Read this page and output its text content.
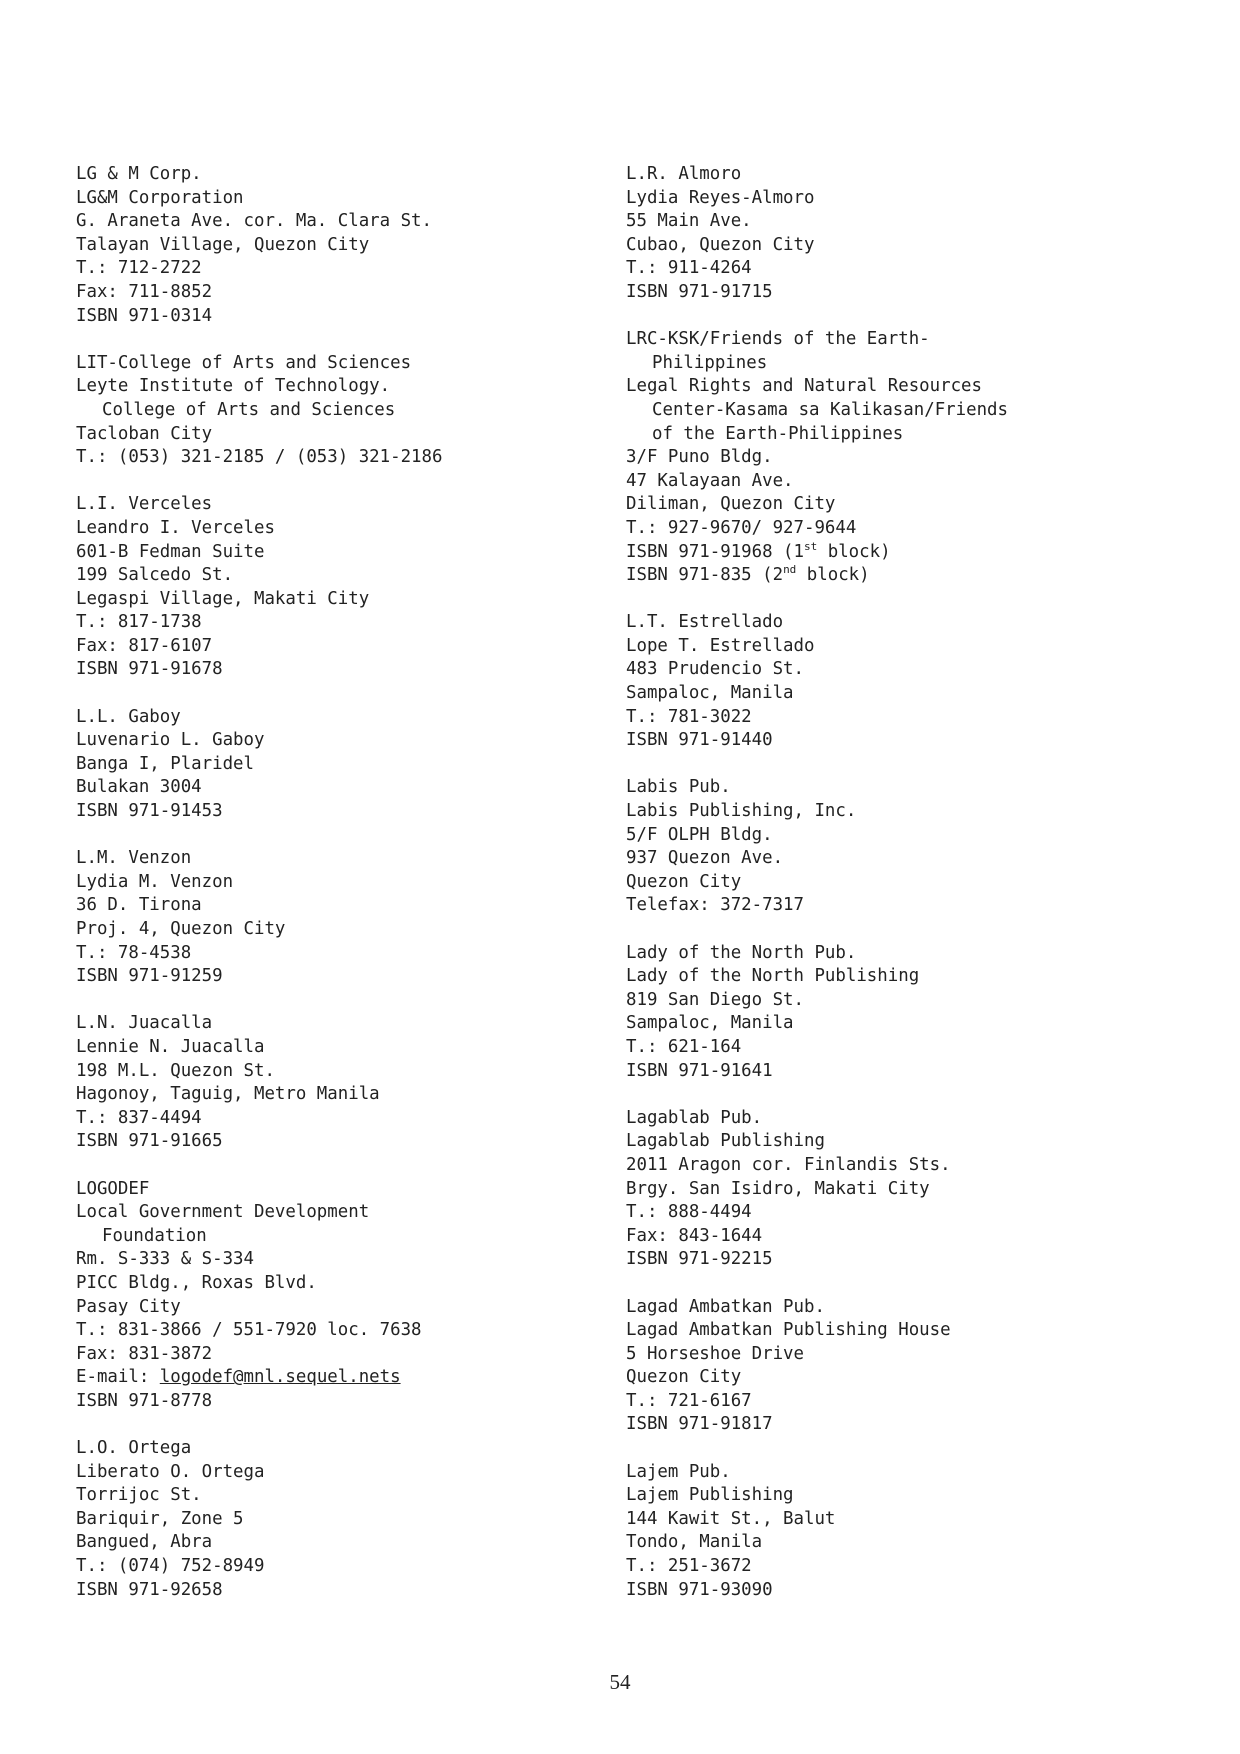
LG & M Corp.
LG&M Corporation
G. Araneta Ave. cor. Ma. Clara St.
Talayan Village, Quezon City
T.: 712-2722
Fax: 711-8852
ISBN 971-0314
LIT-College of Arts and Sciences
Leyte Institute of Technology.
College of Arts and Sciences
Tacloban City
T.: (053) 321-2185 / (053) 321-2186
L.I. Verceles
Leandro I. Verceles
601-B Fedman Suite
199 Salcedo St.
Legaspi Village, Makati City
T.: 817-1738
Fax: 817-6107
ISBN 971-91678
L.L. Gaboy
Luvenario L. Gaboy
Banga I, Plaridel
Bulakan 3004
ISBN 971-91453
L.M. Venzon
Lydia M. Venzon
36 D. Tirona
Proj. 4, Quezon City
T.: 78-4538
ISBN 971-91259
L.N. Juacalla
Lennie N. Juacalla
198 M.L. Quezon St.
Hagonoy, Taguig, Metro Manila
T.: 837-4494
ISBN 971-91665
LOGODEF
Local Government Development
Foundation
Rm. S-333 & S-334
PICC Bldg., Roxas Blvd.
Pasay City
T.: 831-3866 / 551-7920 loc. 7638
Fax: 831-3872
E-mail: logodef@mnl.sequel.nets
ISBN 971-8778
L.O. Ortega
Liberato O. Ortega
Torrijoc St.
Bariquir, Zone 5
Bangued, Abra
T.: (074) 752-8949
ISBN 971-92658
L.R. Almoro
Lydia Reyes-Almoro
55 Main Ave.
Cubao, Quezon City
T.: 911-4264
ISBN 971-91715
LRC-KSK/Friends of the Earth-
Philippines
Legal Rights and Natural Resources
Center-Kasama sa Kalikasan/Friends
of the Earth-Philippines
3/F Puno Bldg.
47 Kalayaan Ave.
Diliman, Quezon City
T.: 927-9670/ 927-9644
ISBN 971-91968 (1st block)
ISBN 971-835 (2nd block)
L.T. Estrellado
Lope T. Estrellado
483 Prudencio St.
Sampaloc, Manila
T.: 781-3022
ISBN 971-91440
Labis Pub.
Labis Publishing, Inc.
5/F OLPH Bldg.
937 Quezon Ave.
Quezon City
Telefax: 372-7317
Lady of the North Pub.
Lady of the North Publishing
819 San Diego St.
Sampaloc, Manila
T.: 621-164
ISBN 971-91641
Lagablab Pub.
Lagablab Publishing
2011 Aragon cor. Finlandis Sts.
Brgy. San Isidro, Makati City
T.: 888-4494
Fax: 843-1644
ISBN 971-92215
Lagad Ambatkan Pub.
Lagad Ambatkan Publishing House
5 Horseshoe Drive
Quezon City
T.: 721-6167
ISBN 971-91817
Lajem Pub.
Lajem Publishing
144 Kawit St., Balut
Tondo, Manila
T.: 251-3672
ISBN 971-93090
54
